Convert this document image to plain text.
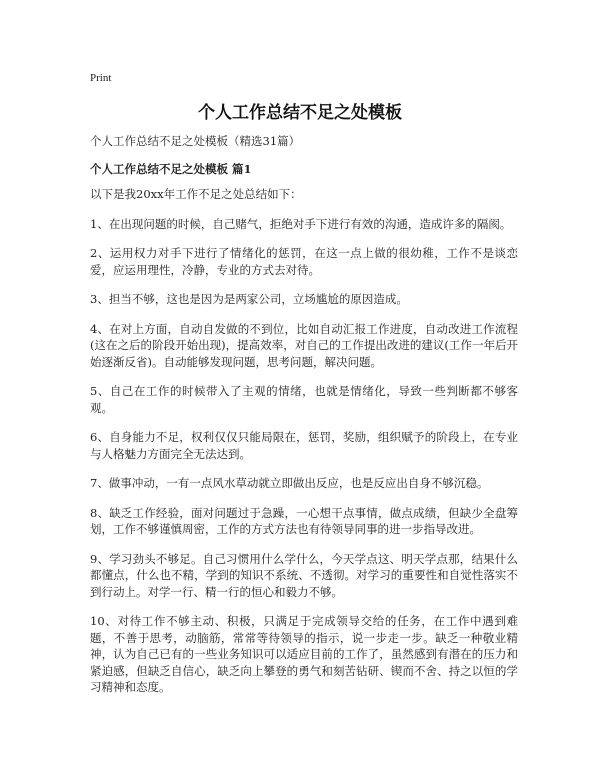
Print
个人工作总结不足之处模板
个人工作总结不足之处模板（精选31篇）
个人工作总结不足之处模板 篇1

以下是我20xx年工作不足之处总结如下：

1、在出现问题的时候，自己赌气，拒绝对手下进行有效的沟通，造成许多的隔阂。

2、运用权力对手下进行了情绪化的惩罚，在这一点上做的很幼稚，工作不是谈恋爱，应运用理性，冷静，专业的方式去对待。

3、担当不够，这也是因为是两家公司，立场尴尬的原因造成。

4、在对上方面，自动自发做的不到位，比如自动汇报工作进度，自动改进工作流程(这在之后的阶段开始出现)，提高效率，对自己的工作提出改进的建议(工作一年后开始逐渐反省)。自动能够发现问题，思考问题，解决问题。

5、自己在工作的时候带入了主观的情绪，也就是情绪化，导致一些判断都不够客观。

6、自身能力不足，权利仅仅只能局限在，惩罚，奖励，组织赋予的阶段上，在专业与人格魅力方面完全无法达到。

7、做事冲动，一有一点风水草动就立即做出反应，也是反应出自身不够沉稳。

8、缺乏工作经验，面对问题过于急躁，一心想干点事情，做点成绩，但缺少全盘筹划，工作不够谨慎周密，工作的方式方法也有待领导同事的进一步指导改进。

9、学习劲头不够足。自己习惯用什么学什么，今天学点这、明天学点那，结果什么都懂点，什么也不精，学到的知识不系统、不透彻。对学习的重要性和自觉性落实不到行动上。对学一行、精一行的恒心和毅力不够。

10、对待工作不够主动、积极，只满足于完成领导交给的任务，在工作中遇到难题，不善于思考，动脑筋，常常等待领导的指示，说一步走一步。缺乏一种敬业精神，认为自己已有的一些业务知识可以适应目前的工作了，虽然感到有潜在的压力和紧迫感，但缺乏自信心，缺乏向上攀登的勇气和刻苦钻研、锲而不舍、持之以恒的学习精神和态度。
